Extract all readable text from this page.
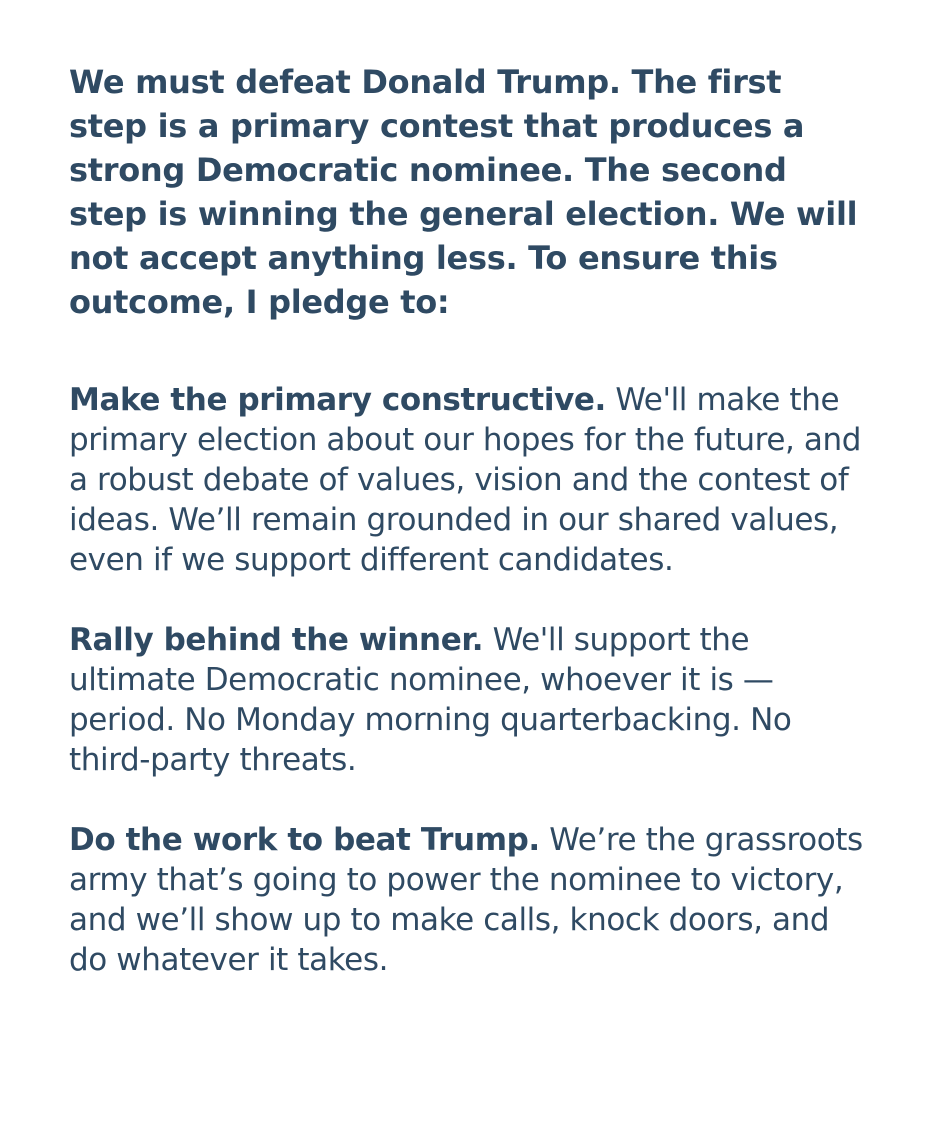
We must defeat Donald Trump. The first step is a primary contest that produces a strong Democratic nominee. The second step is winning the general election. We will not accept anything less. To ensure this outcome, I pledge to:

Make the primary constructive. We'll make the primary election about our hopes for the future, and a robust debate of values, vision and the contest of ideas. We’ll remain grounded in our shared values, even if we support different candidates.

Rally behind the winner. We'll support the ultimate Democratic nominee, whoever it is — period. No Monday morning quarterbacking. No third-party threats.

Do the work to beat Trump. We’re the grassroots army that’s going to power the nominee to victory, and we’ll show up to make calls, knock doors, and do whatever it takes.
